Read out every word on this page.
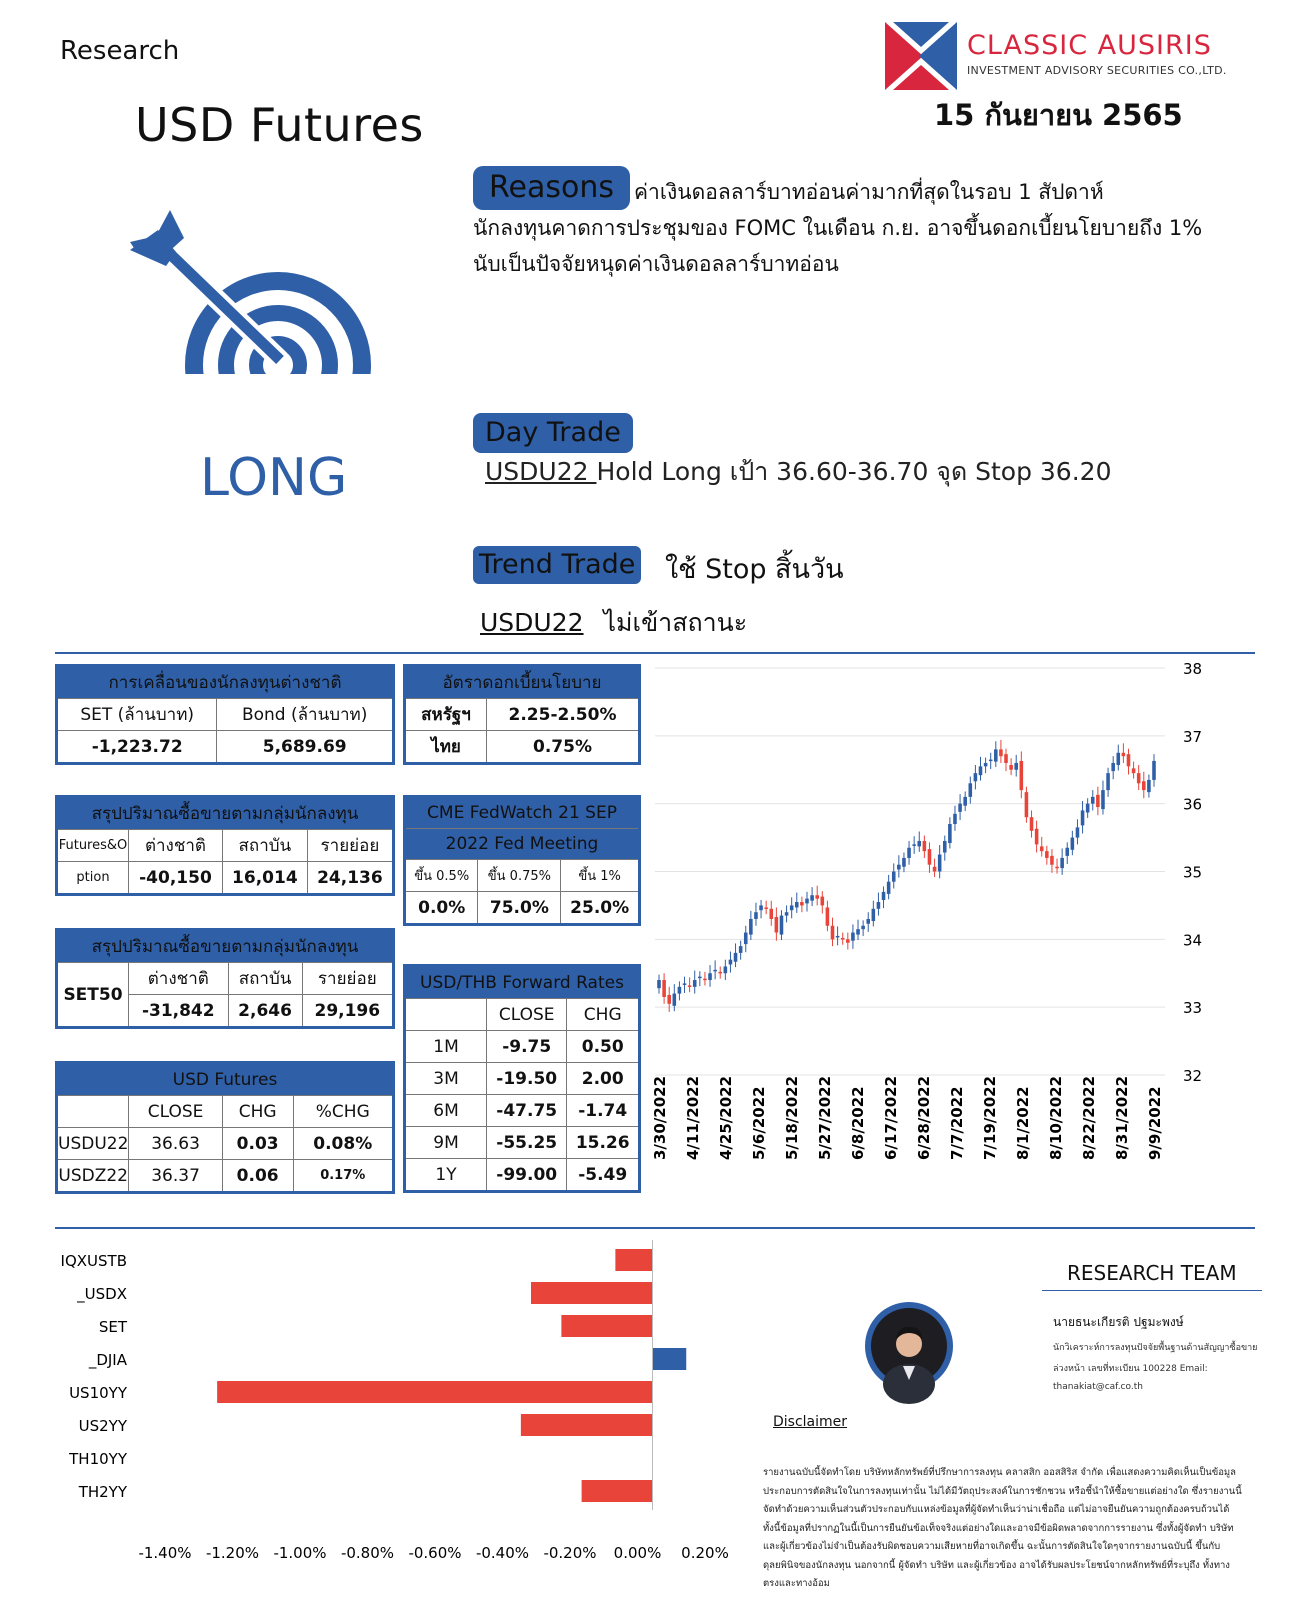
Research
USD Futures
CLASSIC AUSIRIS
INVESTMENT ADVISORY SECURITIES CO.,LTD.
15 กันยายน 2565
LONG
Reasons ค่าเงินดอลลาร์บาทอ่อนค่ามากที่สุดในรอบ 1 สัปดาห์
นักลงทุนคาดการประชุมของ FOMC ในเดือน ก.ย. อาจขึ้นดอกเบี้ยนโยบายถึง 1%
นับเป็นปัจจัยหนุดค่าเงินดอลลาร์บาทอ่อน
Day Trade
USDU22 Hold Long เป้า 36.60-36.70 จุด Stop 36.20
Trend Trade ใช้ Stop สิ้นวัน
USDU22 ไม่เข้าสถานะ
การเคลื่อนของนักลงทุนต่างชาติ	
SET (ล้านบาท)	Bond (ล้านบาท)
-1,223.72	5,689.69
อัตราดอกเบี้ยนโยบาย	
สหรัฐฯ	2.25-2.50%
ไทย	0.75%
สรุปปริมาณซื้อขายตามกลุ่มนักลงทุน			
Futures&O	ต่างชาติ	สถาบัน	รายย่อย
ption	-40,150	16,014	24,136
CME FedWatch 21 SEP		
2022 Fed Meeting		
ขึ้น 0.5%	ขึ้น 0.75%	ขึ้น 1%
0.0%	75.0%	25.0%
สรุปปริมาณซื้อขายตามกลุ่มนักลงทุน			
SET50	ต่างชาติ	สถาบัน	รายย่อย
	-31,842	2,646	29,196
USD/THB Forward Rates		
	CLOSE	CHG
1M	-9.75	0.50
3M	-19.50	2.00
6M	-47.75	-1.74
9M	-55.25	15.26
1Y	-99.00	-5.49
USD Futures			
	CLOSE	CHG	%CHG
USDU22	36.63	0.03	0.08%
USDZ22	36.37	0.06	0.17%
38
37
36
35
34
33
32
3/30/2022 4/11/2022 4/25/2022 5/6/2022 5/18/2022 5/27/2022 6/8/2022 6/17/2022 6/28/2022 7/7/2022 7/19/2022 8/1/2022 8/10/2022 8/22/2022 8/31/2022 9/9/2022
IQXUSTB
_USDX
SET
_DJIA
US10YY
US2YY
TH10YY
TH2YY
-1.40% -1.20% -1.00% -0.80% -0.60% -0.40% -0.20% 0.00% 0.20%
RESEARCH TEAM
นายธนะเกียรติ ปฐมะพงษ์
นักวิเคราะห์การลงทุนปัจจัยพื้นฐานด้านสัญญาซื้อขาย
ล่วงหน้า เลขที่ทะเบียน 100228 Email:
thanakiat@caf.co.th
Disclaimer
รายงานฉบับนี้จัดทำโดย บริษัทหลักทรัพย์ที่ปรึกษาการลงทุน คลาสสิก ออสสิริส จำกัด เพื่อแสดงความคิดเห็นเป็นข้อมูลประกอบการตัดสินใจในการลงทุนเท่านั้น ไม่ได้มีวัตถุประสงค์ในการชักชวน หรือชี้นำให้ซื้อขายแต่อย่างใด ซึ่งรายงานนี้ จัดทำด้วยความเห็นส่วนตัวประกอบกับแหล่งข้อมูลที่ผู้จัดทำเห็นว่าน่าเชื่อถือ แต่ไม่อาจยืนยันความถูกต้องครบถ้วนได้ ทั้งนี้ข้อมูลที่ปรากฏในนี้เป็นการยืนยันข้อเท็จจริงแต่อย่างใดและอาจมีข้อผิดพลาดจากการรายงาน ซึ่งทั้งผู้จัดทำ บริษัท และผู้เกี่ยวข้องไม่จำเป็นต้องรับผิดชอบความเสียหายที่อาจเกิดขึ้น ฉะนั้นการตัดสินใจใดๆจากรายงานฉบับนี้ ขึ้นกับดุลยพินิจของนักลงทุน นอกจากนี้ ผู้จัดทำ บริษัท และผู้เกี่ยวข้อง อาจได้รับผลประโยชน์จากหลักทรัพย์ที่ระบุถึง ทั้งทางตรงและทางอ้อม
